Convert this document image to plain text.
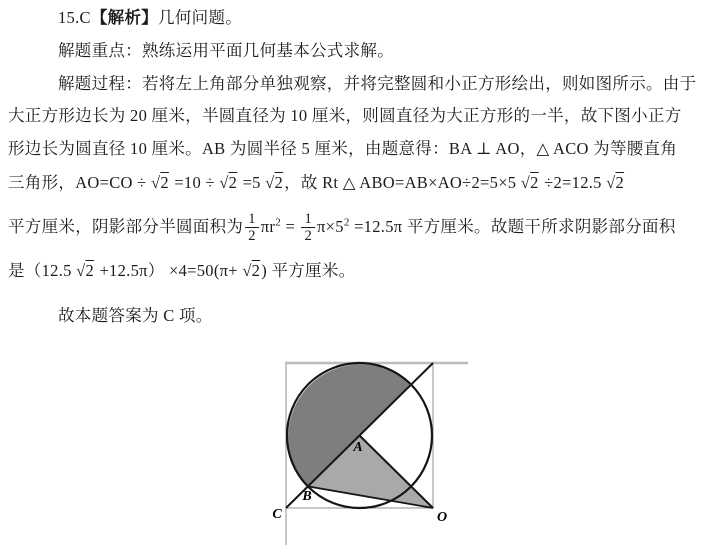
15.C【解析】几何问题。
解题重点：熟练运用平面几何基本公式求解。
解题过程：若将左上角部分单独观察，并将完整圆和小正方形绘出，则如图所示。由于
大正方形边长为 20 厘米，半圆直径为 10 厘米，则圆直径为大正方形的一半，故下图小正方
形边长为圆直径 10 厘米。AB 为圆半径 5 厘米，由题意得：BA ⊥ AO，△ ACO 为等腰直角
三角形，AO=CO ÷ √2 =10 ÷ √2 =5 √2，故 Rt △ ABO=AB×AO÷2=5×5 √2 ÷2=12.5 √2
平方厘米，阴影部分半圆面积为 $\frac{1}{2} \pi r^2 = \frac{1}{2} \pi\times 5^2 =12.5\pi$ 平方厘米。故题干所求阴影部分面积
是（12.5 √2 +12.5π） ×4=50(π+ √2) 平方厘米。
故本题答案为 C 项。
A
B
C	O
